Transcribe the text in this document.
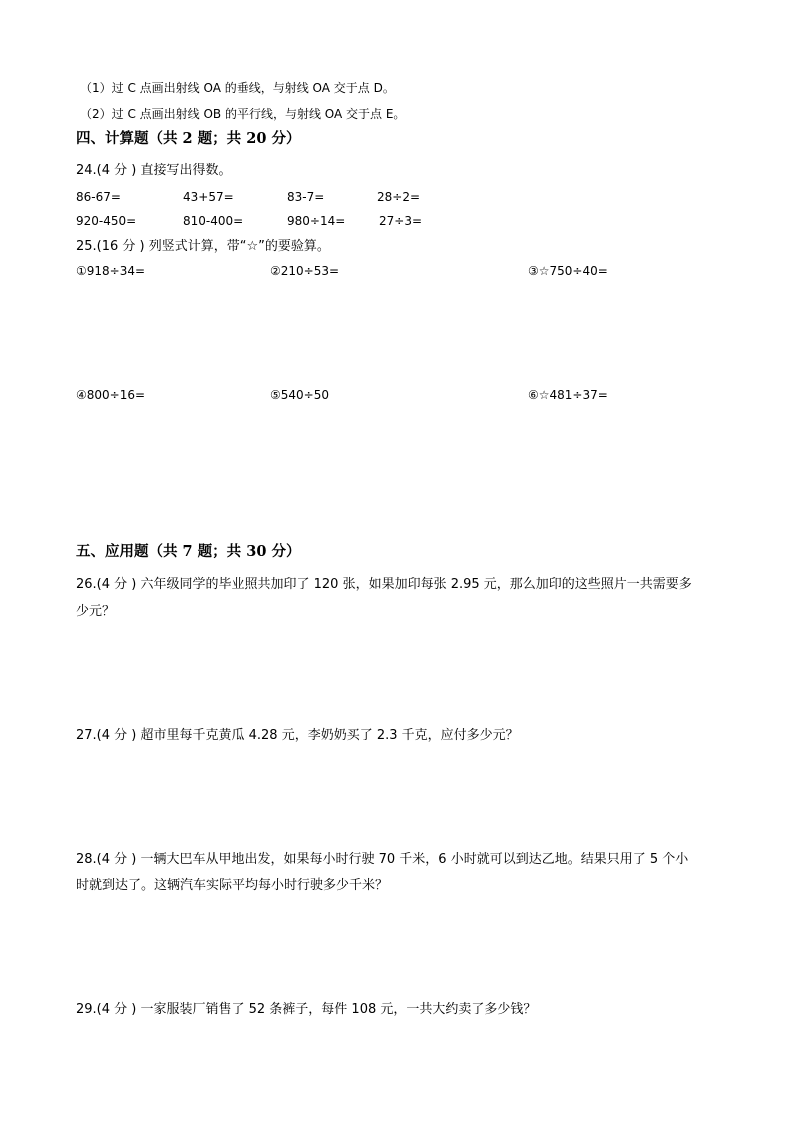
（1）过 C 点画出射线 OA 的垂线，与射线 OA 交于点 D。
（2）过 C 点画出射线 OB 的平行线，与射线 OA 交于点 E。
四、计算题（共 2 题；共 20 分）
24.(4 分 ) 直接写出得数。
86-67=	43+57=	83-7=	28÷2=
920-450=	810-400=	980÷14=	27÷3=
25.(16 分 ) 列竖式计算，带“☆”的要验算。
①918÷34=	②210÷53=	③☆750÷40=
④800÷16=	⑤540÷50	⑥☆481÷37=
五、应用题（共 7 题；共 30 分）
26.(4 分 ) 六年级同学的毕业照共加印了 120 张，如果加印每张 2.95 元，那么加印的这些照片一共需要多
少元？
27.(4 分 ) 超市里每千克黄瓜 4.28 元，李奶奶买了 2.3 千克，应付多少元？
28.(4 分 ) 一辆大巴车从甲地出发，如果每小时行驶 70 千米，6 小时就可以到达乙地。结果只用了 5 个小
时就到达了。这辆汽车实际平均每小时行驶多少千米？
29.(4 分 ) 一家服装厂销售了 52 条裤子，每件 108 元，一共大约卖了多少钱？
